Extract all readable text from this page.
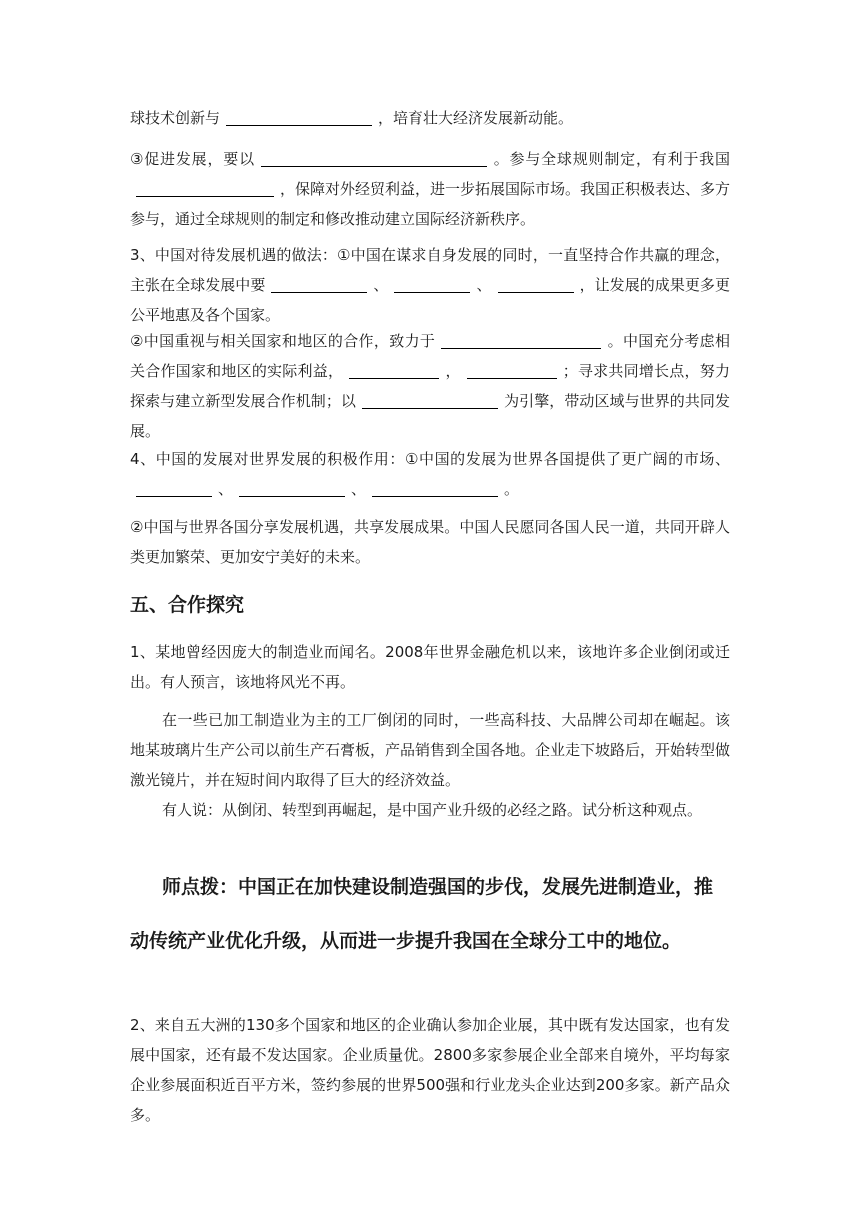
球技术创新与	，培育壮大经济发展新动能。

③促进发展，要以	。参与全球规则制定，有利于我国，保障对外经贸利益，进一步拓展国际市场。我国正积极表达、多方参与，通过全球规则的制定和修改推动建立国际经济新秩序。

3、中国对待发展机遇的做法：①中国在谋求自身发展的同时，一直坚持合作共赢的理念，主张在全球发展中要	、	、	，让发展的成果更多更公平地惠及各个国家。

②中国重视与相关国家和地区的合作，致力于	。中国充分考虑相关合作国家和地区的实际利益，	，	；寻求共同增长点，努力探索与建立新型发展合作机制；以	为引擎，带动区域与世界的共同发展。

4、中国的发展对世界发展的积极作用：①中国的发展为世界各国提供了更广阔的市场、、	、	。

②中国与世界各国分享发展机遇，共享发展成果。中国人民愿同各国人民一道，共同开辟人类更加繁荣、更加安宁美好的未来。

五、合作探究

1、某地曾经因庞大的制造业而闻名。2008年世界金融危机以来，该地许多企业倒闭或迁出。有人预言，该地将风光不再。

在一些已加工制造业为主的工厂倒闭的同时，一些高科技、大品牌公司却在崛起。该地某玻璃片生产公司以前生产石膏板，产品销售到全国各地。企业走下坡路后，开始转型做激光镜片，并在短时间内取得了巨大的经济效益。

有人说：从倒闭、转型到再崛起，是中国产业升级的必经之路。试分析这种观点。

师点拨：中国正在加快建设制造强国的步伐，发展先进制造业，推动传统产业优化升级，从而进一步提升我国在全球分工中的地位。

2、来自五大洲的130多个国家和地区的企业确认参加企业展，其中既有发达国家，也有发展中国家，还有最不发达国家。企业质量优。2800多家参展企业全部来自境外，平均每家企业参展面积近百平方米，签约参展的世界500强和行业龙头企业达到200多家。新产品众多。
